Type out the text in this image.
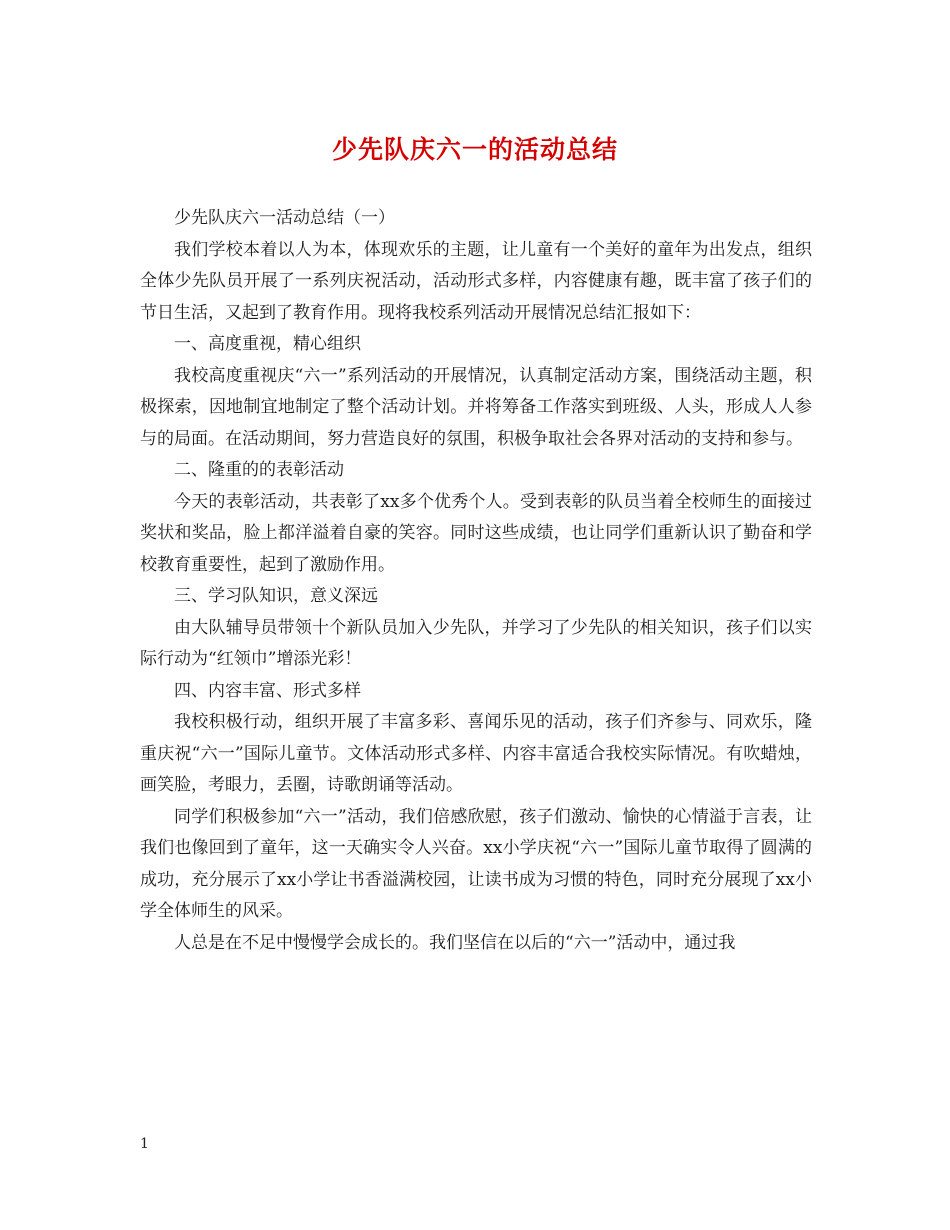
少先队庆六一的活动总结

少先队庆六一活动总结（一）

我们学校本着以人为本，体现欢乐的主题，让儿童有一个美好的童年为出发点，组织全体少先队员开展了一系列庆祝活动，活动形式多样，内容健康有趣，既丰富了孩子们的节日生活，又起到了教育作用。现将我校系列活动开展情况总结汇报如下：

一、高度重视，精心组织

我校高度重视庆“六一”系列活动的开展情况，认真制定活动方案，围绕活动主题，积极探索，因地制宜地制定了整个活动计划。并将筹备工作落实到班级、人头，形成人人参与的局面。在活动期间，努力营造良好的氛围，积极争取社会各界对活动的支持和参与。

二、隆重的的表彰活动

今天的表彰活动，共表彰了xx多个优秀个人。受到表彰的队员当着全校师生的面接过奖状和奖品，脸上都洋溢着自豪的笑容。同时这些成绩，也让同学们重新认识了勤奋和学校教育重要性，起到了激励作用。

三、学习队知识，意义深远

由大队辅导员带领十个新队员加入少先队，并学习了少先队的相关知识，孩子们以实际行动为“红领巾”增添光彩！

四、内容丰富、形式多样

我校积极行动，组织开展了丰富多彩、喜闻乐见的活动，孩子们齐参与、同欢乐，隆重庆祝“六一”国际儿童节。文体活动形式多样、内容丰富适合我校实际情况。有吹蜡烛，画笑脸，考眼力，丢圈，诗歌朗诵等活动。

同学们积极参加“六一”活动，我们倍感欣慰，孩子们激动、愉快的心情溢于言表，让我们也像回到了童年，这一天确实令人兴奋。xx小学庆祝“六一”国际儿童节取得了圆满的成功，充分展示了xx小学让书香溢满校园，让读书成为习惯的特色，同时充分展现了xx小学全体师生的风采。

人总是在不足中慢慢学会成长的。我们坚信在以后的“六一”活动中，通过我

1
